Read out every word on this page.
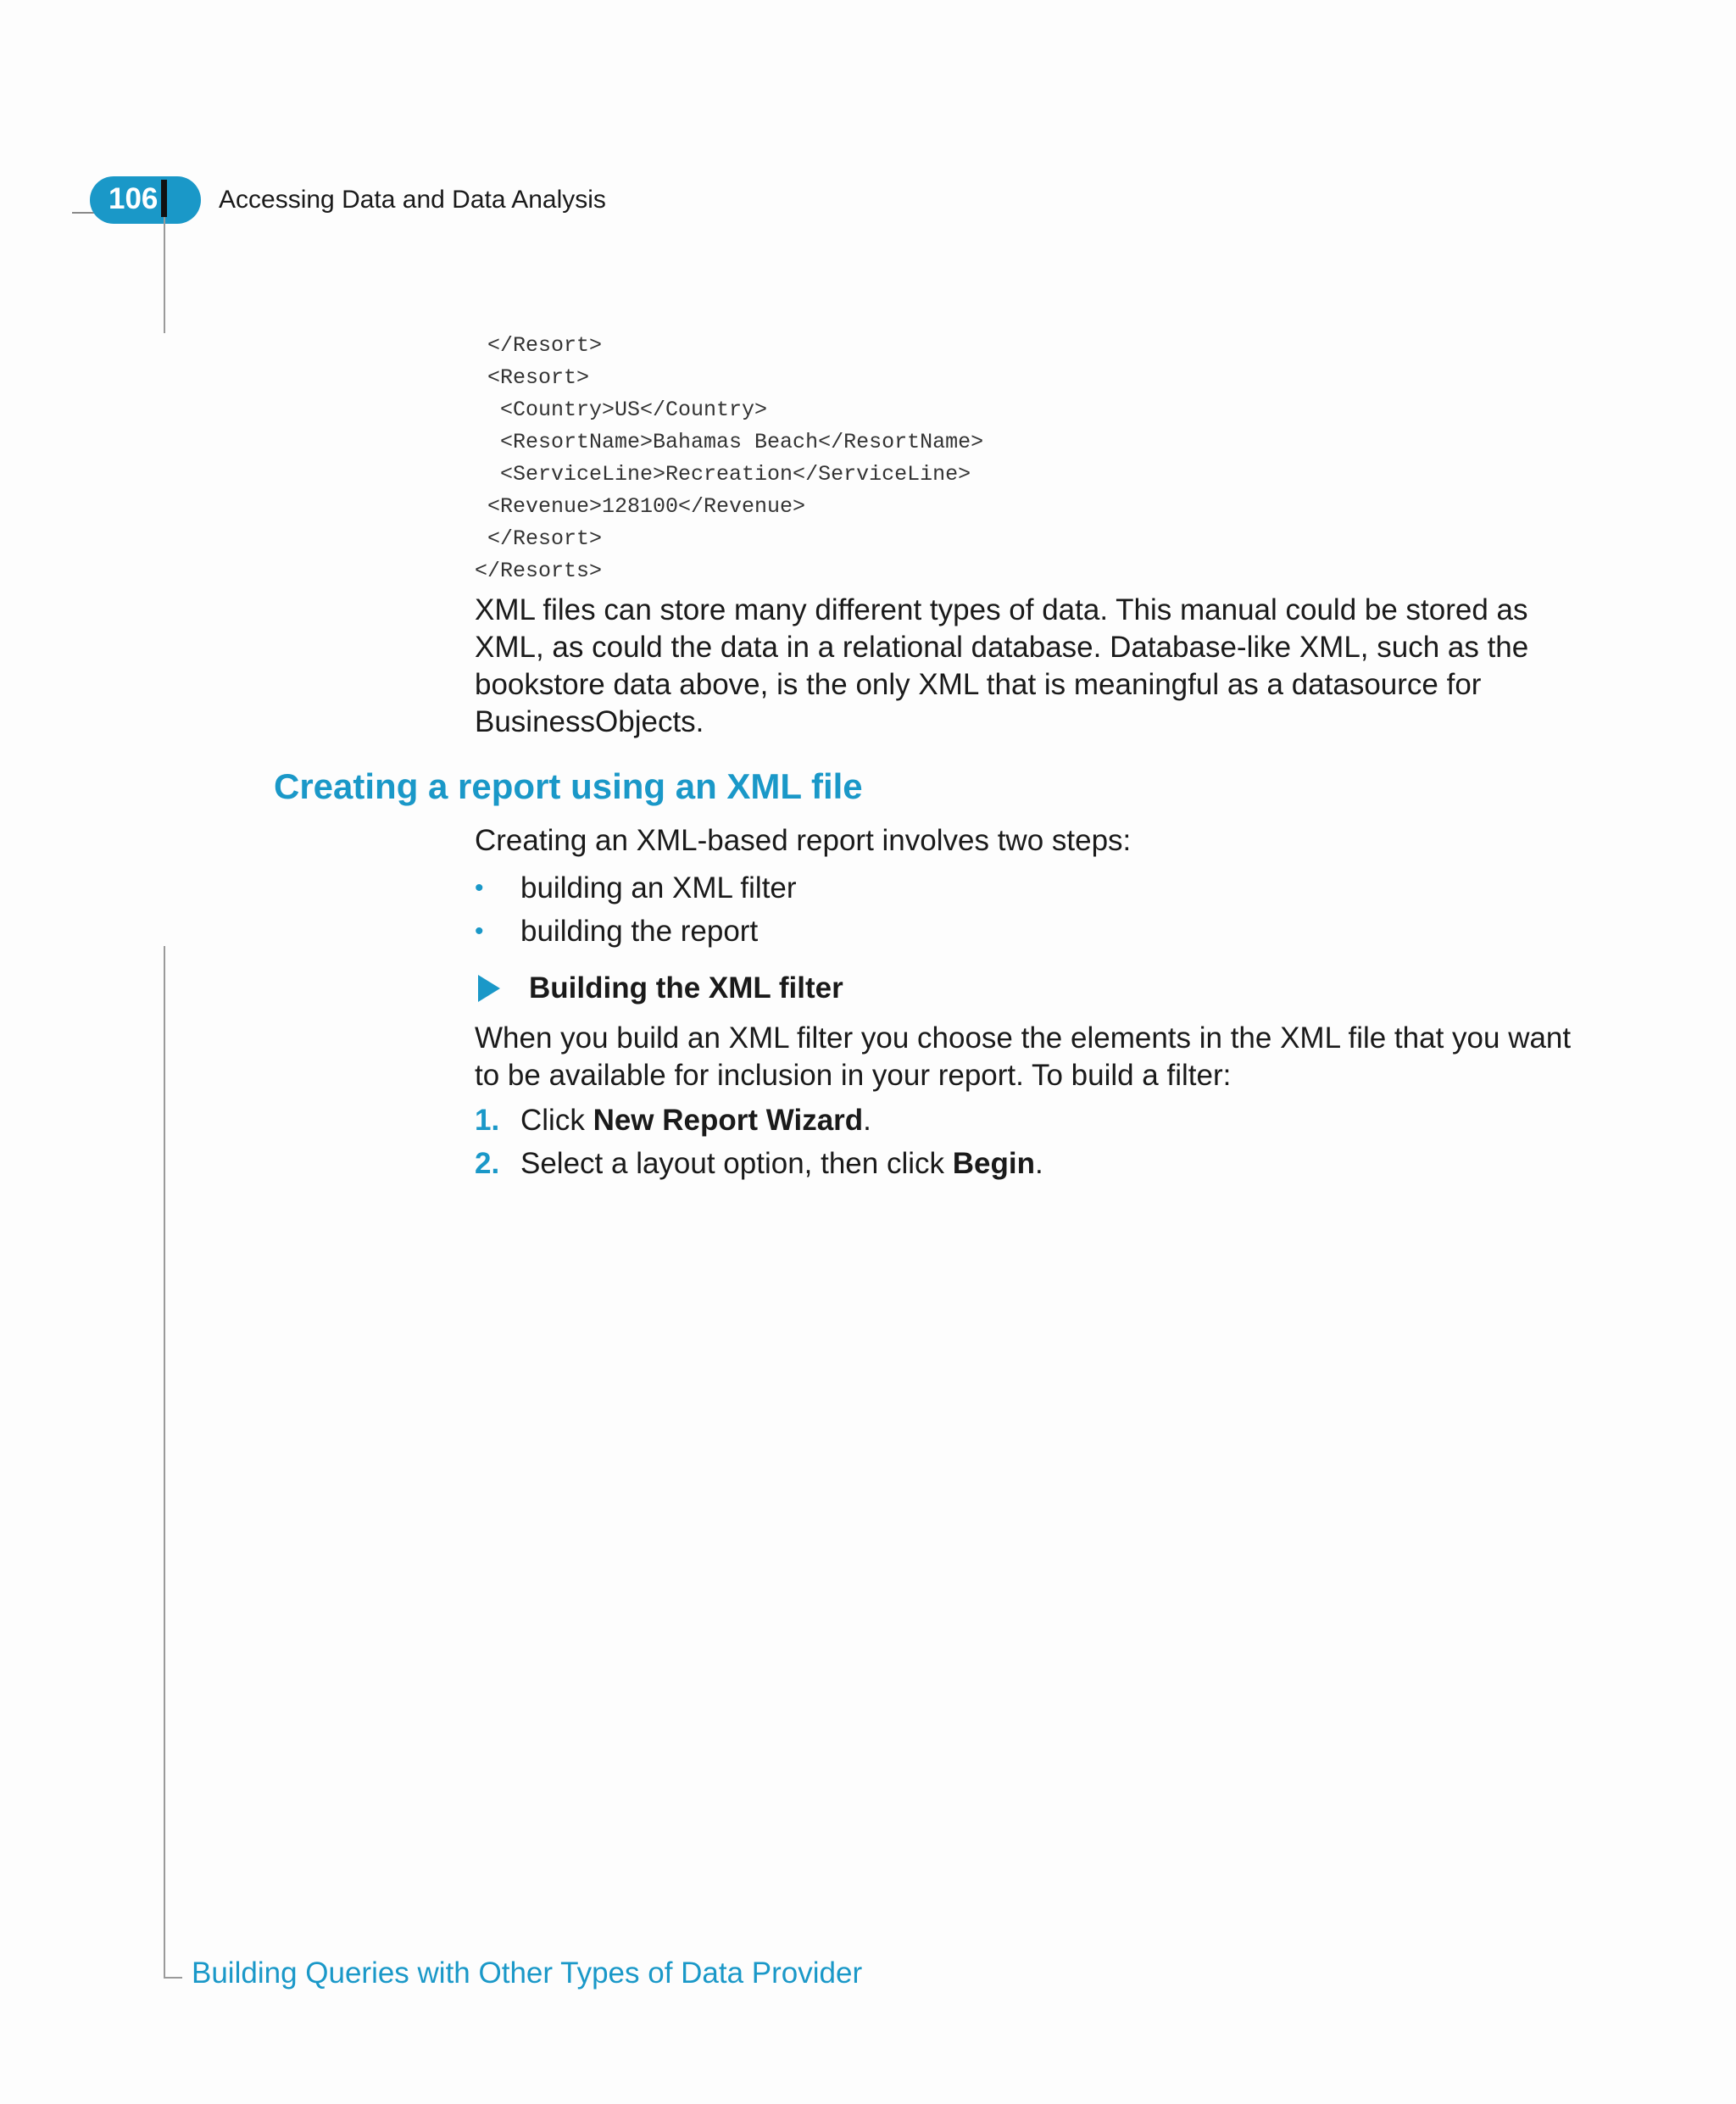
106 Accessing Data and Data Analysis
</Resort>
<Resort>
<Country>US</Country>
<ResortName>Bahamas Beach</ResortName>
<ServiceLine>Recreation</ServiceLine>
<Revenue>128100</Revenue>
</Resort>
</Resorts>

XML files can store many different types of data. This manual could be stored as XML, as could the data in a relational database. Database-like XML, such as the bookstore data above, is the only XML that is meaningful as a datasource for BusinessObjects.

Creating a report using an XML file

Creating an XML-based report involves two steps:

• building an XML filter
• building the report
Building the XML filter

When you build an XML filter you choose the elements in the XML file that you want to be available for inclusion in your report. To build a filter:

1. Click New Report Wizard.
2. Select a layout option, then click Begin.
Building Queries with Other Types of Data Provider
